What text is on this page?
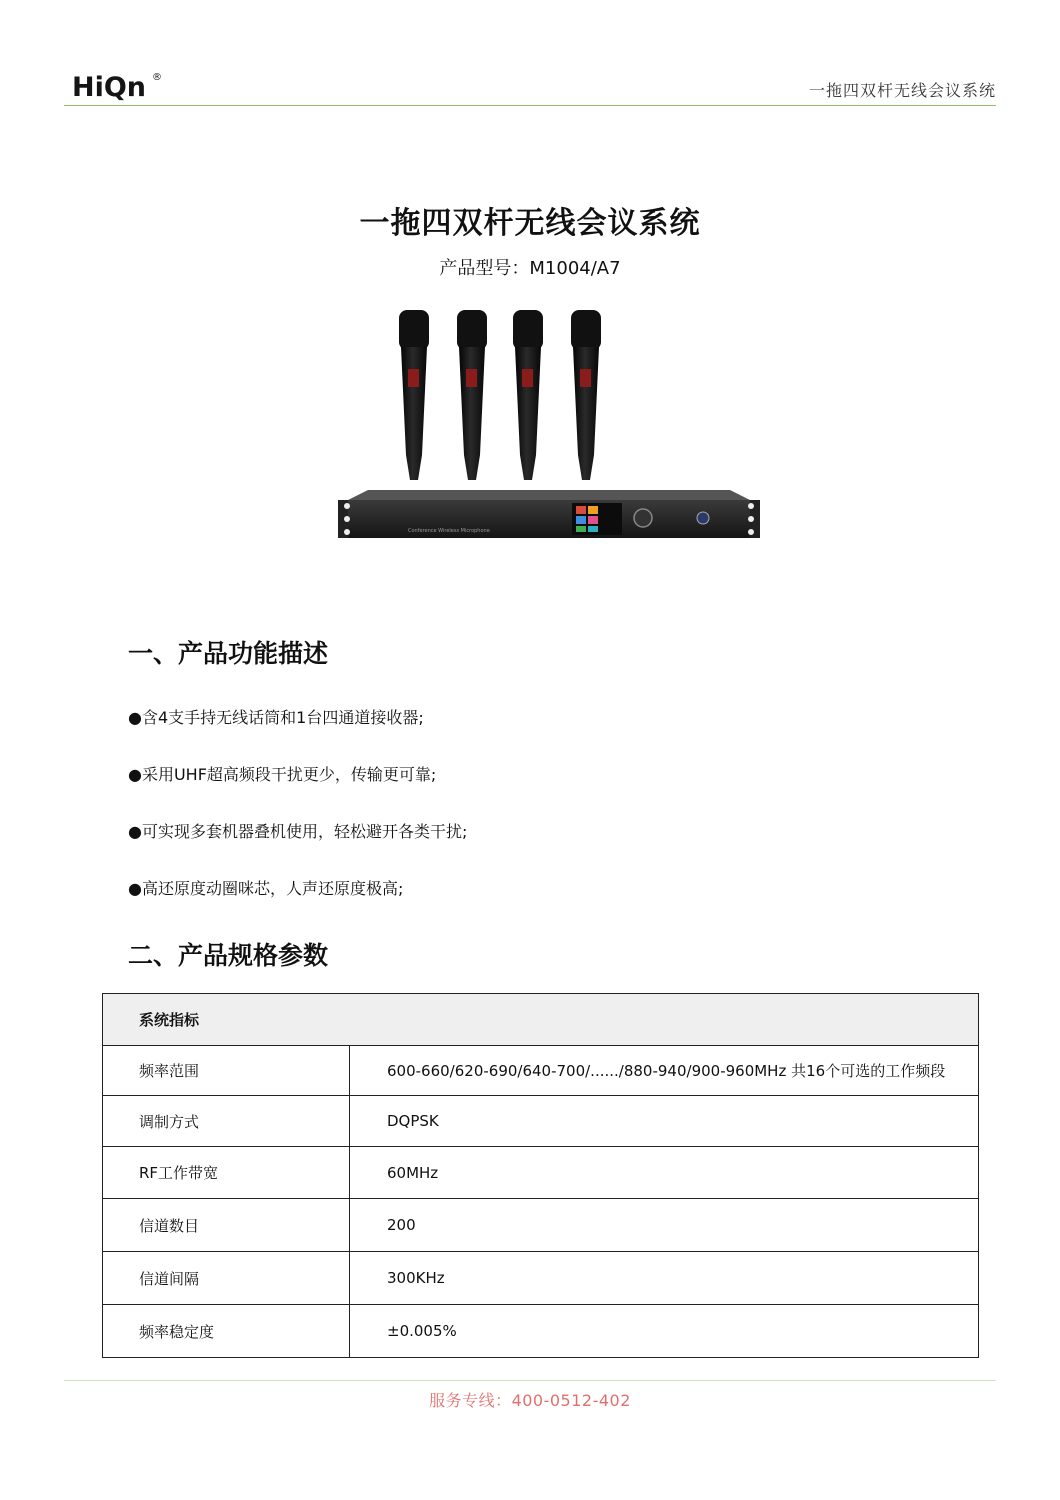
HiQn ®
一拖四双杆无线会议系统
一拖四双杆无线会议系统
产品型号：M1004/A7
Conference Wireless Microphone
一、产品功能描述
●含4支手持无线话筒和1台四通道接收器;
●采用UHF超高频段干扰更少，传输更可靠;
●可实现多套机器叠机使用，轻松避开各类干扰;
●高还原度动圈咪芯，人声还原度极高;
二、产品规格参数
系统指标	
频率范围	600-660/620-690/640-700/....../880-940/900-960MHz 共16个可选的工作频段
调制方式	DQPSK
RF工作带宽	60MHz
信道数目	200
信道间隔	300KHz
频率稳定度	±0.005%
服务专线：400-0512-402
